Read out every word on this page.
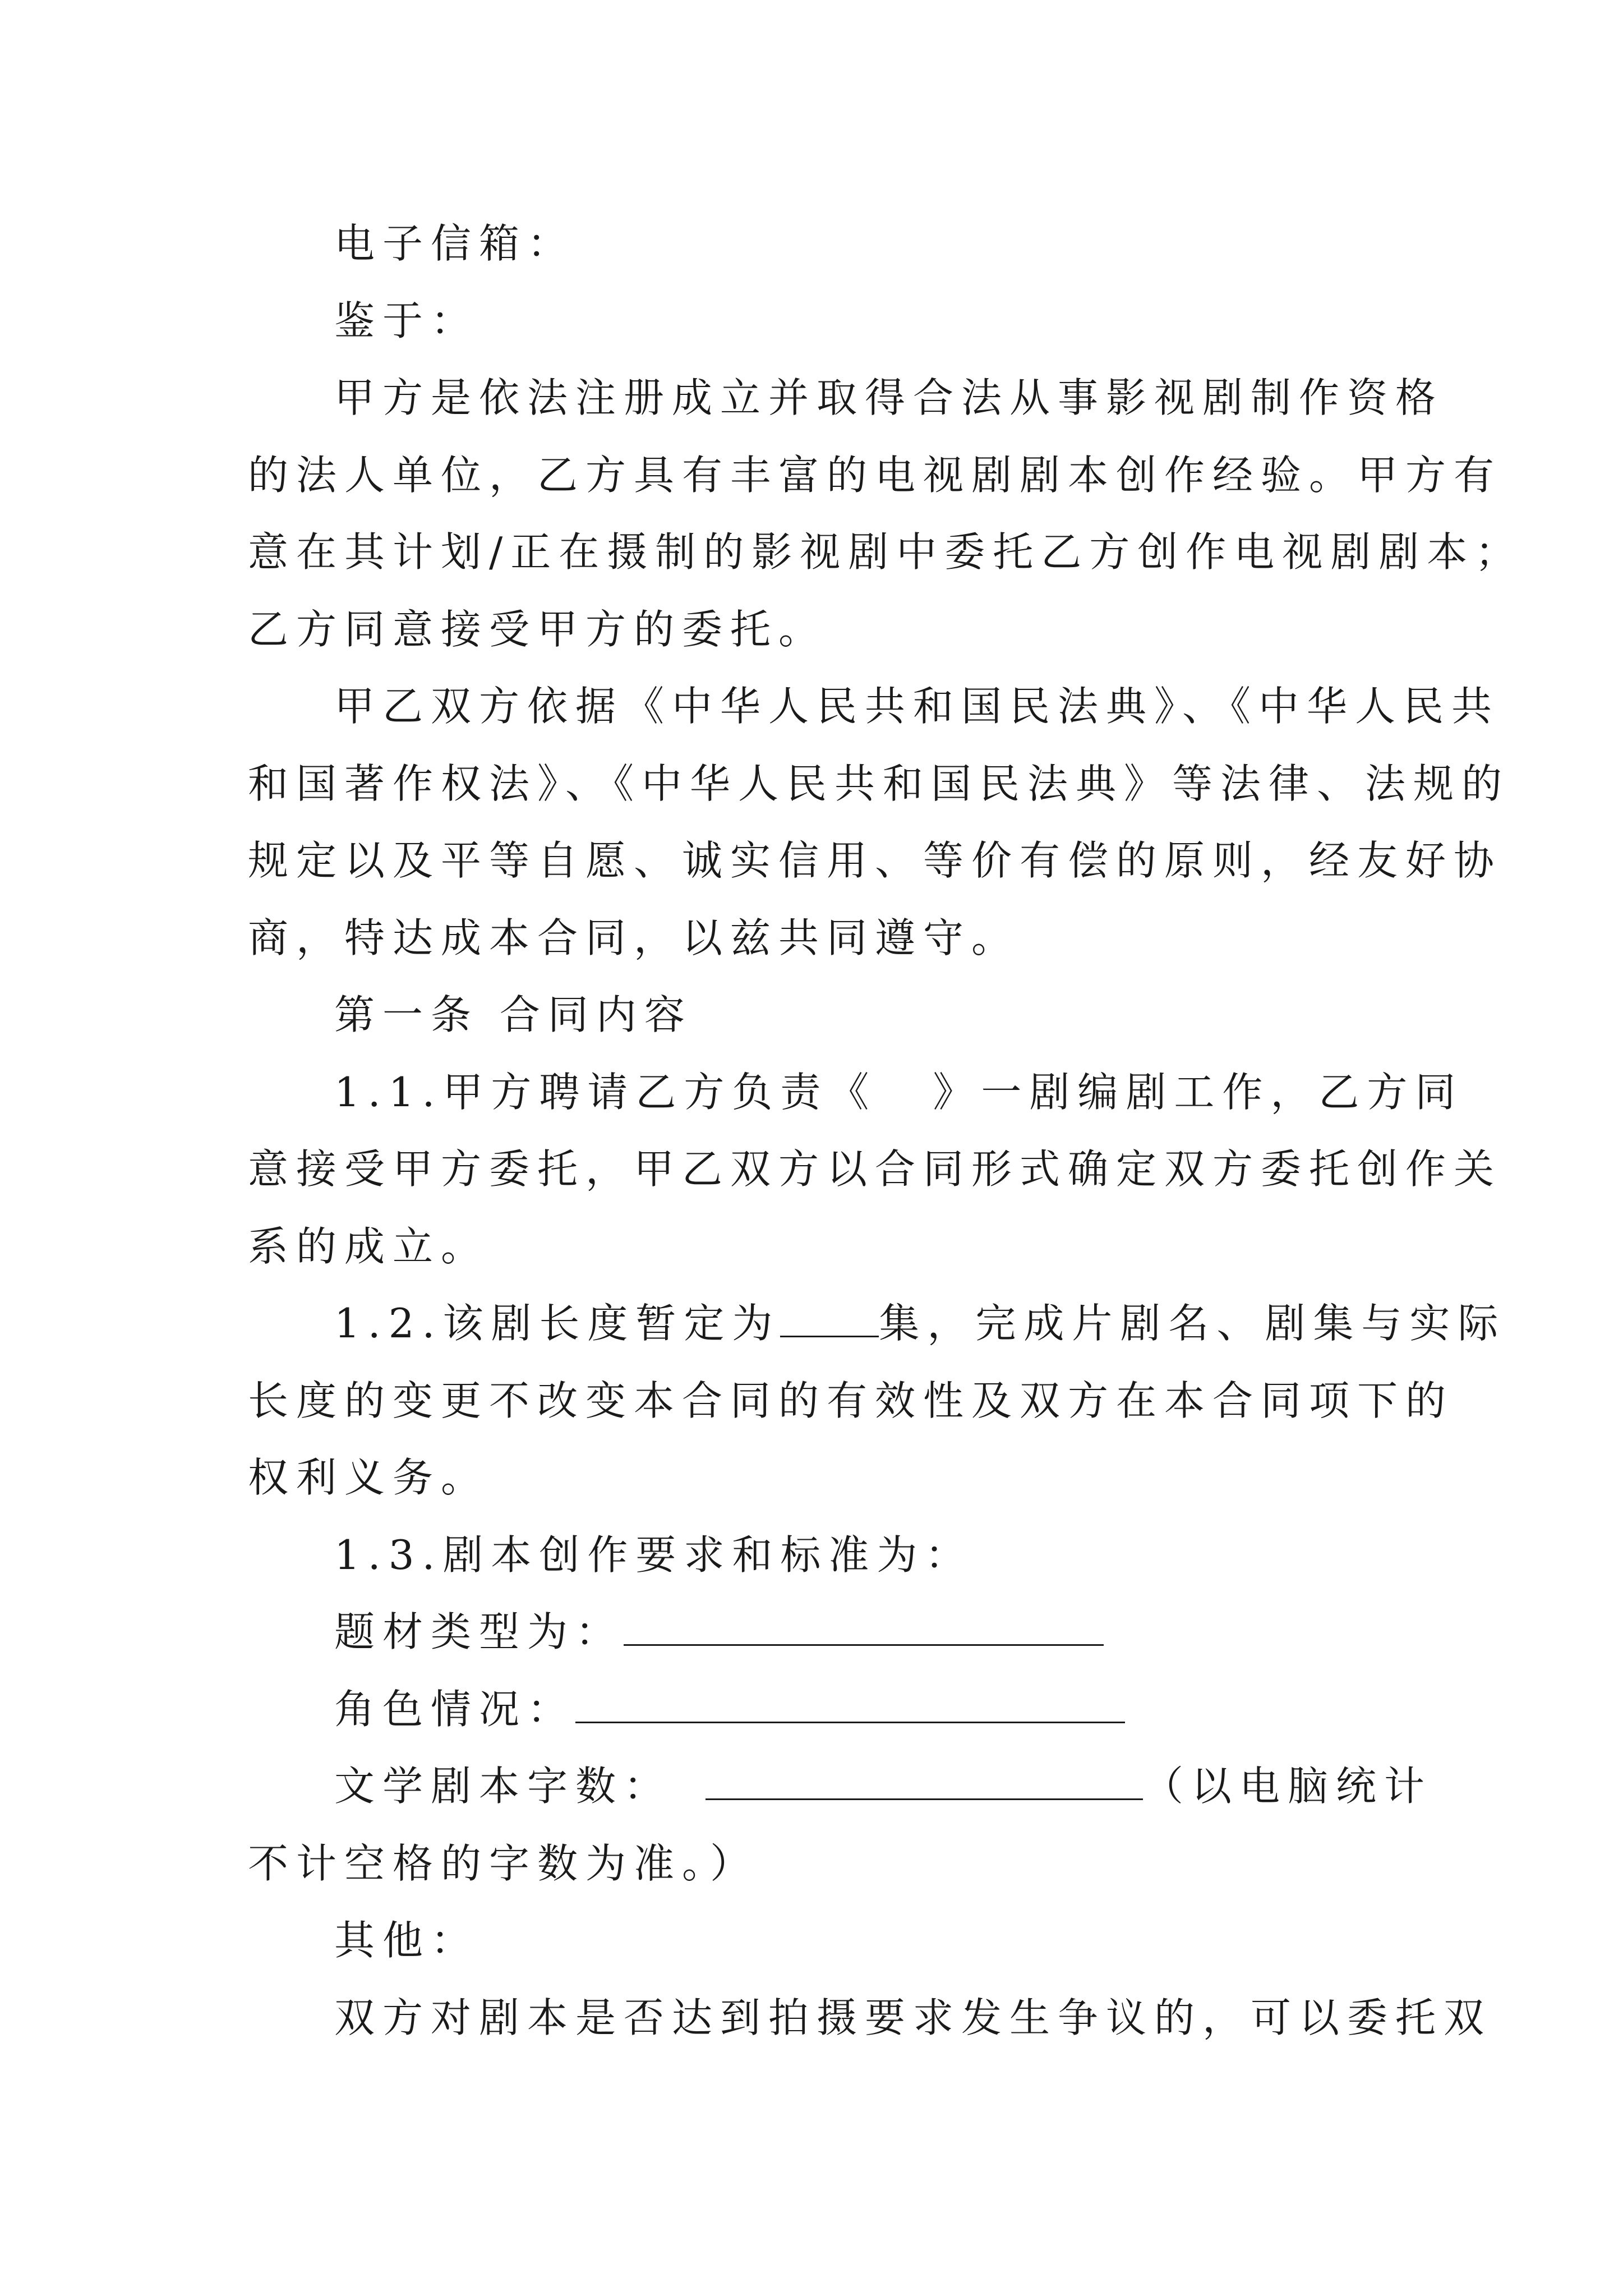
电子信箱：
鉴于：
甲方是依法注册成立并取得合法从事影视剧制作资格
的法人单位，乙方具有丰富的电视剧剧本创作经验。甲方有
意在其计划/正在摄制的影视剧中委托乙方创作电视剧剧本；
乙方同意接受甲方的委托。
甲乙双方依据《中华人民共和国民法典》、《中华人民共
和国著作权法》、《中华人民共和国民法典》等法律、法规的
规定以及平等自愿、诚实信用、等价有偿的原则，经友好协
商，特达成本合同，以兹共同遵守。
第一条 合同内容
1.1.甲方聘请乙方负责《 》一剧编剧工作，乙方同
意接受甲方委托，甲乙双方以合同形式确定双方委托创作关
系的成立。
1.2.该剧长度暂定为 集，完成片剧名、剧集与实际
长度的变更不改变本合同的有效性及双方在本合同项下的
权利义务。
1.3.剧本创作要求和标准为：
题材类型为：
角色情况：
文学剧本字数：	（以电脑统计
不计空格的字数为准。）
其他：
双方对剧本是否达到拍摄要求发生争议的，可以委托双
